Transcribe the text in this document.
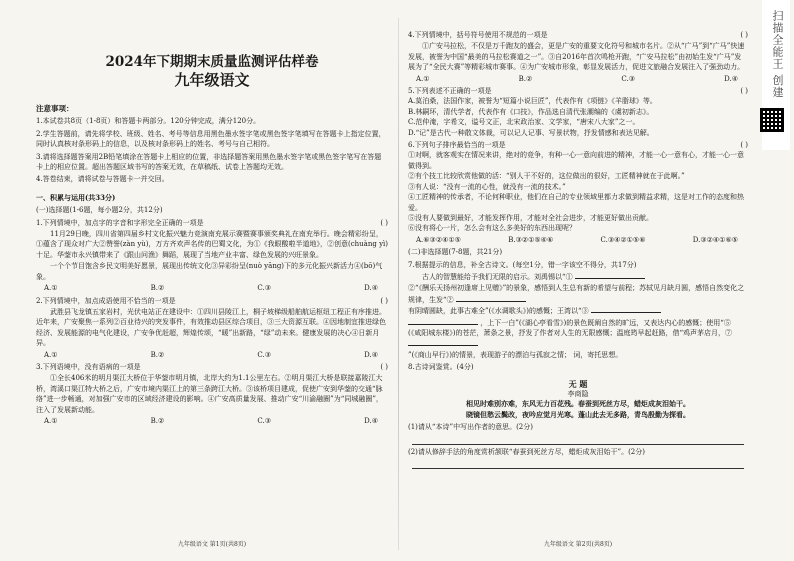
2024年下期期末质量监测评估样卷
九年级语文
注意事项：

1.本试卷共8页（1-8页）和答题卡两部分。120分钟完成，满分120分。

2.学生答题前，请先将学校、班级、姓名、考号等信息用黑色墨水签字笔或黑色签字笔填写在答题卡上指定位置，同时认真核对条形码上的信息，以及核对条形码上的姓名、考号与自己相符。

3.请将选择题答案用2B铅笔填涂在答题卡上相应的位置，非选择题答案用黑色墨水签字笔或黑色签字笔写在答题卡上的相应位置。超出答题区域书写的答案无效，在草稿纸、试卷上答题均无效。

4.答卷结束，请将试卷与答题卡一并交回。

一、积累与运用(共33分)
(一)选择题(1-6题，每小题2分，共12分)
( )
1.下列情境中，加点字的字音和字形完全正确的一项是
11月29日晚，四川省第四届乡村文化振兴魅力竞演南充展示赛暨赛事颁奖典礼在南充举行。晚会精彩纷呈，①蕴含了现众对广大②赞誉(zàn yù)，万方齐欢声名传的巴蜀文化，为①《我眼酸啦半道地》，②创意(chuàng yì)十足。华蓥市永兴镇带来了《跟山问渔》舞蹈，展现了当地产业丰富、绿色发展的兴旺景象。
一个个节目饱含乡民文明美好愿景，展现出传统文化③异彩纷呈(nuò yāng)下的多元化振兴新活力④(bō)气象。
A.①	B.②	C.③	D.④
( )
2.下列情境中，加点成语使用不恰当的一项是
武胜县飞龙镇五家岩村，光伏电站正在建设中：①四川县陵江上，桐子坡梯级船舶航运枢纽工程正有序推进。近年来，广安聚焦一系列②百业待兴的突发事件，有效推动县区综合项目，③三大资源互联。④因地制宜推进绿色经济、发展能源的电气化建设，广安争优赶超，辉煌传颂，“暖”出新路，“绿”动未来。健康发展的决心④日新月异。
A.①	B.②	C.③	D.④
( )
3.下列语境中，没有语病的一项是
①全长406米的明月渠江大桥位于华蓥市明月镇，北岸大约为1.1公里左右。②明月渠江大桥是联接嘉陵江大桥，湾溪口渠江特大桥之后，广安市境内渠江上的第三条跨江大桥。③该桥项目建成，促使广安到华蓥的交通“脉络”进一步畅通，对加强广安市的区域经济建设的影响。④广安高质量发展、推动广安“川渝融圈”为“同城融圈”，注入了发展新动能。
A.①	B.②	C.③	D.④
九年级语文 第1页(共8页)
( )
4.下列情境中，括号符号使用不规范的一项是
①广安马拉松，不仅是万千跑友的盛会，更是广安的重要文化符号和城市名片。②从“广马”到“广马”快速发展，被誉为中国“最美的马拉松赛道之一”。③自2016年首次鸣枪开跑，“广安马拉松”由初始生发“广马”发展为了“全民大赛”等精彩城市赛事。④为广安城市形象，彰显发展活力，促进文旅融合发展注入了强劲动力。
A.①	B.②	C.③	D.④
( )
5.下列表述不正确的一项是
A.莫泊桑，法国作家，被誉为“短篇小说巨匠”，代表作有《项链》《羊脂球》等。
B.林嗣环，清代学者，代表作有《口技》，作品选自清代张潮编的《虞初新志》。
C.范仲淹，字希文，谥号文正，北宋政治家、文学家，“唐宋八大家”之一。
D.“记”是古代一种散文体裁，可以记人记事、写景状物，抒发情感和表达见解。
( )
6.下列句子排序最恰当的一项是
①对啊，就客观实在情况来讲，绝对的竞争，有种一心一意向前进的精神，才能一心一意有心，才能一心一意做得到。
②有个技工比较欣赏他做的活：“别人干不好的，这位做出的很好，工匠精神就在于此啊。”
③有人说：“没有一流的心性，就没有一流的技术。”
④工匠精神的传承者，不论何种职业，他们在自己的专业领域里都力求做到精益求精，这是对工作的态度和热爱。
⑤没有人要做到最好，才能发挥作用，才能对全社会进步，才能更好做出贡献。
⑥没有将心一片，怎么会有这么多美好的东西出现呢？
A.⑥③②④①⑤	B.③②①⑤④⑥	C.③④②①⑤⑥	D.③②④①⑥⑤
(二)非选择题(7-8题，共21分)
7.根据提示的信息，补全古诗文。(每空1分，错一字该空不得分，共17分)
古人的智慧能给予我们无限的启示。刘禹锡以“①
②“《酬乐天扬州初逢席上见赠》”的景象，感悟到人生总有新的希望与前程；苏轼见月缺月圆，感悟自然变化之规律，生发“②
有阴晴圆缺，此事古难全”(《水调歌头》)的感慨；王湾以“③
，上下一白”(《湖心亭看雪》)的景色既阐自然的旷远，又表达内心的感慨；使用“⑤
(《咸阳城东楼》)的苍茫，萧条之景，抒发了作者对人生的无限感慨；温庭筠早起赶路，借“鸡声茅店月，⑦
”(《商山早行》)的情景，表现游子的漂泊与孤寂之情； 词，寄托思想。
8.古诗词鉴赏。(4分)
无 题
李商隐
相见时难别亦难，东风无力百花残。春蚕到死丝方尽，蜡炬成灰泪始干。
晓镜但愁云鬓改，夜吟应觉月光寒。蓬山此去无多路，青鸟殷勤为探看。
(1)请从“本诗”中写出作者的意思。(2分)
(2)请从修辞手法的角度赏析颔联“春蚕到死丝方尽，蜡炬成灰泪始干”。(2分)
九年级语文 第2页(共8页)
扫描全能王 创建
